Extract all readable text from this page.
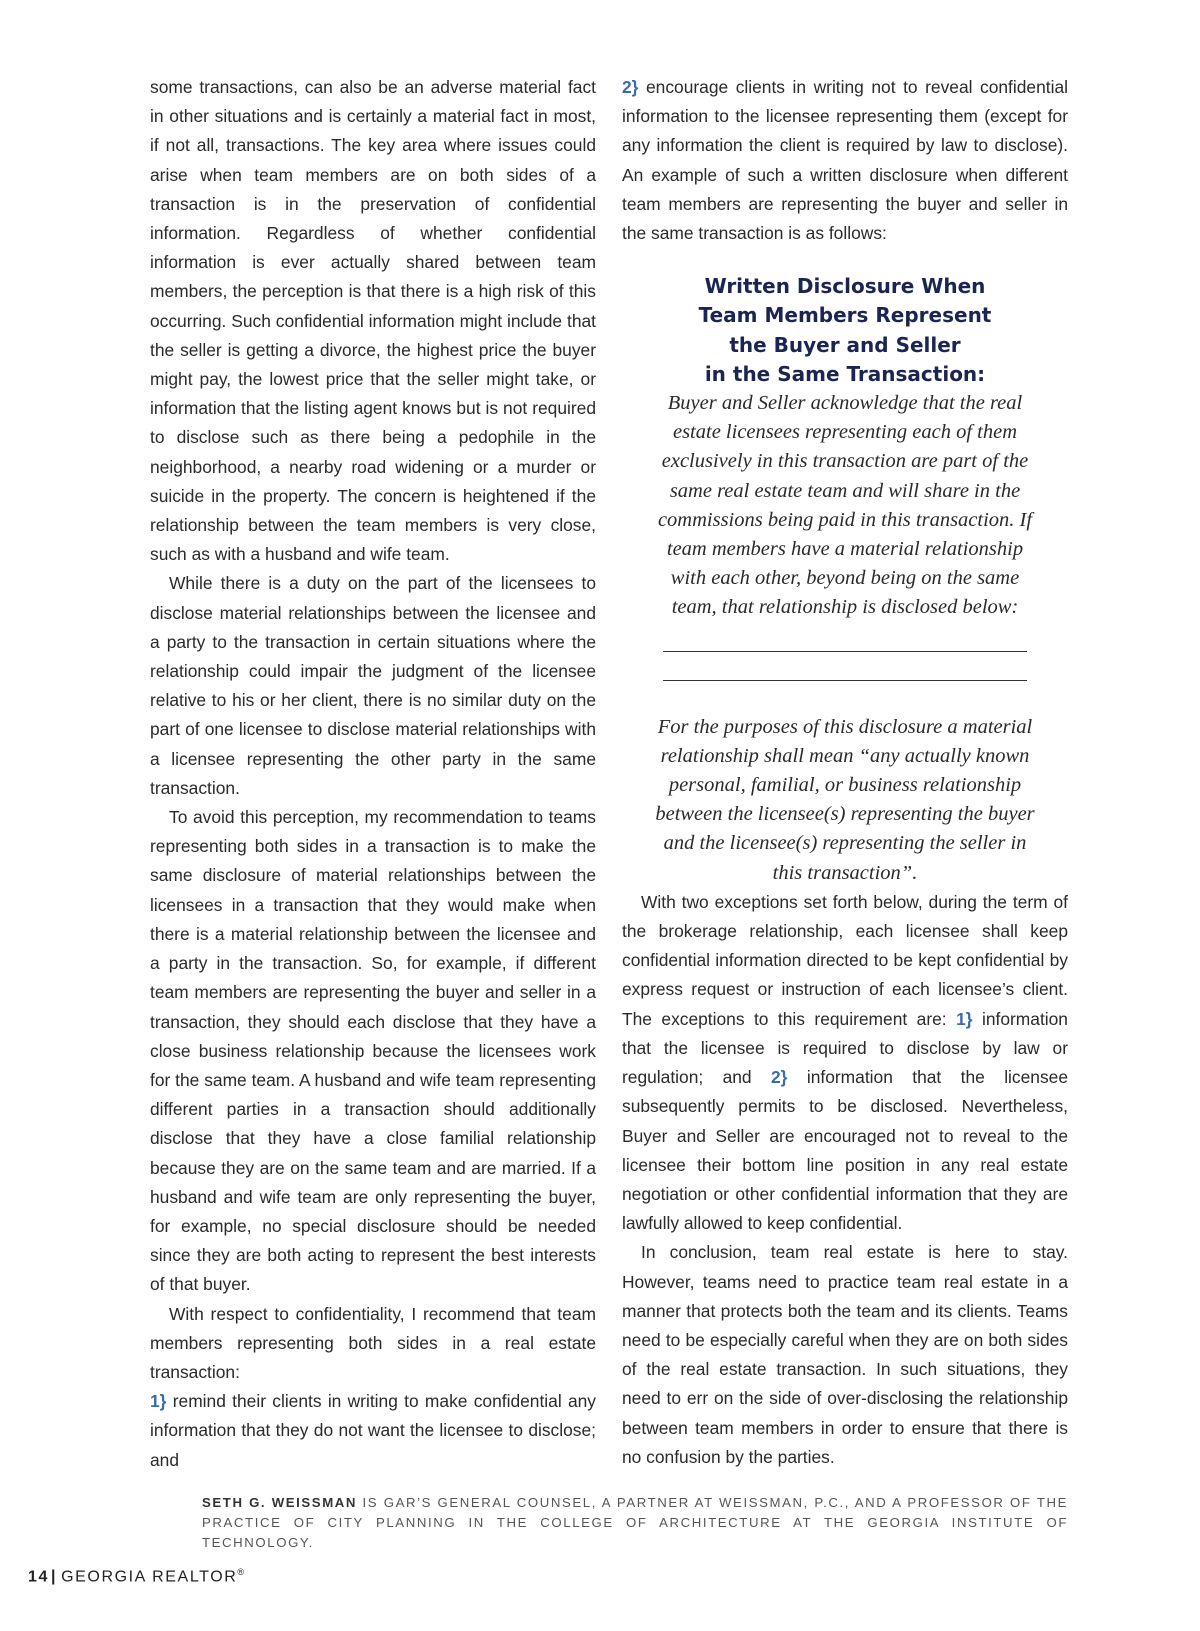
some transactions, can also be an adverse material fact in other situations and is certainly a material fact in most, if not all, transactions. The key area where issues could arise when team members are on both sides of a transaction is in the preservation of confidential information. Regardless of whether confidential information is ever actually shared between team members, the perception is that there is a high risk of this occurring. Such confidential information might include that the seller is getting a divorce, the highest price the buyer might pay, the lowest price that the seller might take, or information that the listing agent knows but is not required to disclose such as there being a pedophile in the neighborhood, a nearby road widening or a murder or suicide in the property. The concern is heightened if the relationship between the team members is very close, such as with a husband and wife team.

While there is a duty on the part of the licensees to disclose material relationships between the licensee and a party to the transaction in certain situations where the relationship could impair the judgment of the licensee relative to his or her client, there is no similar duty on the part of one licensee to disclose material relationships with a licensee representing the other party in the same transaction.

To avoid this perception, my recommendation to teams representing both sides in a transaction is to make the same disclosure of material relationships between the licensees in a transaction that they would make when there is a material relationship between the licensee and a party in the transaction. So, for example, if different team members are representing the buyer and seller in a transaction, they should each disclose that they have a close business relationship because the licensees work for the same team. A husband and wife team representing different parties in a transaction should additionally disclose that they have a close familial relationship because they are on the same team and are married. If a husband and wife team are only representing the buyer, for example, no special disclosure should be needed since they are both acting to represent the best interests of that buyer.

With respect to confidentiality, I recommend that team members representing both sides in a real estate transaction:

1} remind their clients in writing to make confidential any information that they do not want the licensee to disclose; and

2} encourage clients in writing not to reveal confidential information to the licensee representing them (except for any information the client is required by law to disclose). An example of such a written disclosure when different team members are representing the buyer and seller in the same transaction is as follows:

Written Disclosure When
Team Members Represent
the Buyer and Seller
in the Same Transaction:
Buyer and Seller acknowledge that the real estate licensees representing each of them exclusively in this transaction are part of the same real estate team and will share in the commissions being paid in this transaction. If team members have a material relationship with each other, beyond being on the same team, that relationship is disclosed below:
For the purposes of this disclosure a material relationship shall mean “any actually known personal, familial, or business relationship between the licensee(s) representing the buyer and the licensee(s) representing the seller in this transaction”.

With two exceptions set forth below, during the term of the brokerage relationship, each licensee shall keep confidential information directed to be kept confidential by express request or instruction of each licensee’s client. The exceptions to this requirement are: 1} information that the licensee is required to disclose by law or regulation; and 2} information that the licensee subsequently permits to be disclosed. Nevertheless, Buyer and Seller are encouraged not to reveal to the licensee their bottom line position in any real estate negotiation or other confidential information that they are lawfully allowed to keep confidential.

In conclusion, team real estate is here to stay. However, teams need to practice team real estate in a manner that protects both the team and its clients. Teams need to be especially careful when they are on both sides of the real estate transaction. In such situations, they need to err on the side of over-disclosing the relationship between team members in order to ensure that there is no confusion by the parties.

SETH G. WEISSMAN IS GAR’S GENERAL COUNSEL, A PARTNER AT WEISSMAN, P.C., AND A PROFESSOR OF THE PRACTICE OF CITY PLANNING IN THE COLLEGE OF ARCHITECTURE AT THE GEORGIA INSTITUTE OF TECHNOLOGY.
14 | GEORGIA REALTOR®
